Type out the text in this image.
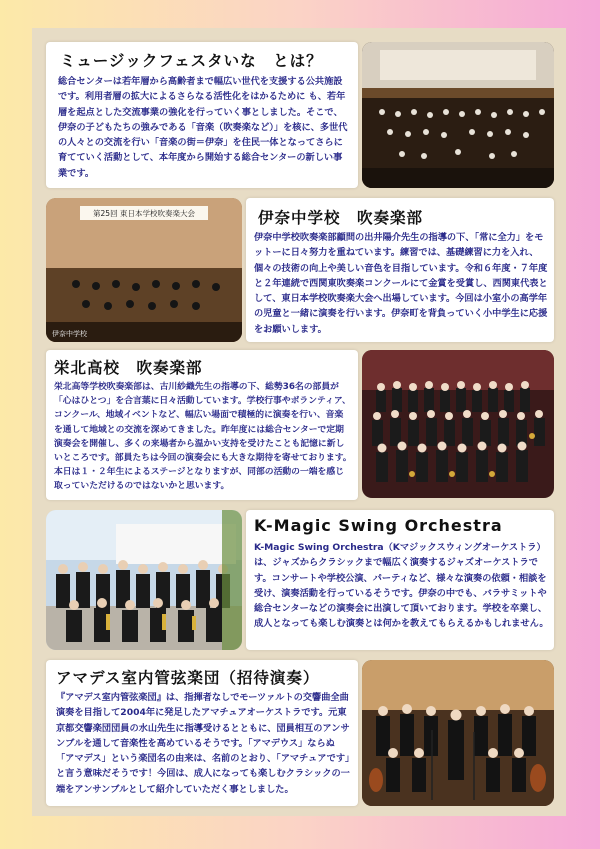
ミュージックフェスタいな　とは？
総合センターは若年層から高齢者まで幅広い世代を支援する公共施設です。利用者層の拡大によるさらなる活性化をはかるために も、若年層を起点とした交流事業の強化を行っていく事としました。そこで、伊奈の子どもたちの強みである「音楽（吹奏楽など）」を核に、多世代の人々との交流を行い「音楽の街＝伊奈」を住民一体となってさらに育てていく活動として、本年度から開始する総合センターの新しい事業です。
第25回 東日本学校吹奏楽大会
伊奈中学校
伊奈中学校　吹奏楽部
伊奈中学校吹奏楽部顧問の出井陽介先生の指導の下、「常に全力」をモットーに日々努力を重ねています。練習では、基礎練習に力を入れ、個々の技術の向上や美しい音色を目指しています。令和６年度・７年度と２年連続で西関東吹奏楽コンクールにて金賞を受賞し、西関東代表として、東日本学校吹奏楽大会へ出場しています。今回は小室小の高学年の児童と一緒に演奏を行います。伊奈町を背負っていく小中学生に応援をお願いします。
栄北高校　吹奏楽部
栄北高等学校吹奏楽部は、古川紗織先生の指導の下、総勢36名の部員が「心はひとつ」を合言葉に日々活動しています。学校行事やボランティア、コンクール、地域イベントなど、幅広い場面で積極的に演奏を行い、音楽を通して地域との交流を深めてきました。昨年度には総合センターで定期演奏会を開催し、多くの来場者から温かい支持を受けたことも記憶に新しいところです。部員たちは今回の演奏会にも大きな期待を寄せております。本日は１・２年生によるステージとなりますが、同部の活動の一端を感じ取っていただけるのではないかと思います。
K-Magic Swing Orchestra
K-Magic Swing Orchestra（Kマジックスウィングオーケストラ）は、ジャズからクラシックまで幅広く演奏するジャズオーケストラです。コンサートや学校公演、パーティなど、様々な演奏の依頼・相談を受け、演奏活動を行っているそうです。伊奈の中でも、バラサミットや総合センターなどの演奏会に出演して頂いております。学校を卒業し、成人となっても楽しむ演奏とは何かを教えてもらえるかもしれません。
アマデス室内管弦楽団（招待演奏）
『アマデス室内管弦楽団』は、指揮者なしでモーツァルトの交響曲全曲演奏を目指して2004年に発足したアマチュアオーケストラです。元東京都交響楽団団員の水山先生に指導受けるとともに、団員相互のアンサンブルを通して音楽性を高めているそうです。「アマデウス」ならぬ「アマデス」という楽団名の由来は、名前のとおり、「アマチュアです」と言う意味だそうです！今回は、成人になっても楽しむクラシックの一端をアンサンブルとして紹介していただく事としました。
